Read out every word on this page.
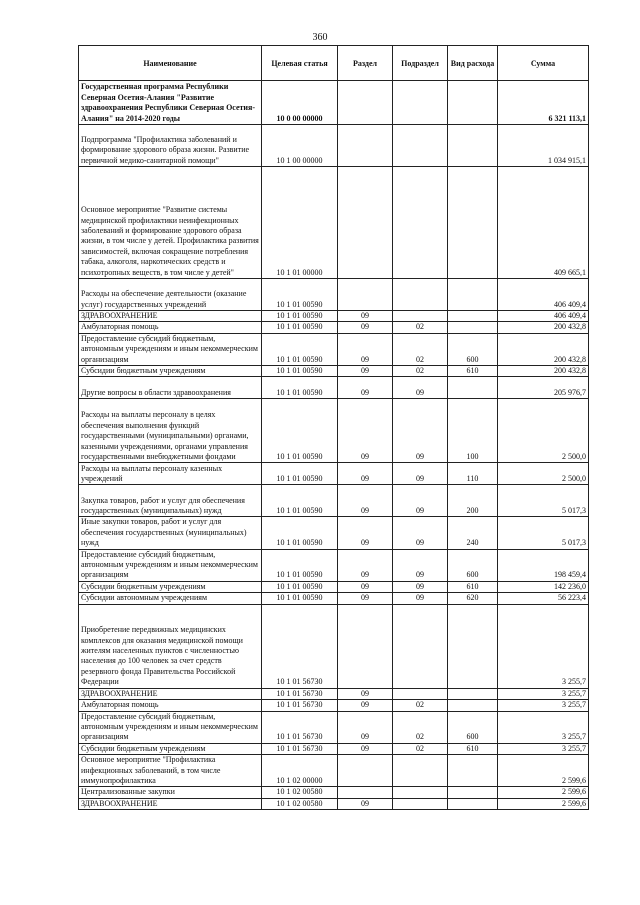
360
Наименование	Целевая статья	Раздел	Подраздел	Вид расхода	Сумма
Государственная программа Республики Северная Осетия-Алания "Развитие здравоохранения Республики Северная Осетия-Алания" на 2014-2020 годы	10 0 00 00000				6 321 113,1
Подпрограмма "Профилактика заболеваний и формирование здорового образа жизни. Развитие первичной медико-санитарной помощи"	10 1 00 00000				1 034 915,1
Основное мероприятие "Развитие системы медицинской профилактики неинфекционных заболеваний и формирование здорового образа жизни, в том числе у детей. Профилактика развития зависимостей, включая сокращение потребления табака, алкоголя, наркотических средств и психотропных веществ, в том числе у детей"	10 1 01 00000				409 665,1
Расходы на обеспечение деятельности (оказание услуг) государственных учреждений	10 1 01 00590				406 409,4
ЗДРАВООХРАНЕНИЕ	10 1 01 00590	09			406 409,4
Амбулаторная помощь	10 1 01 00590	09	02		200 432,8
Предоставление субсидий бюджетным, автономным учреждениям и иным некоммерческим организациям	10 1 01 00590	09	02	600	200 432,8
Субсидии бюджетным учреждениям	10 1 01 00590	09	02	610	200 432,8
Другие вопросы в области здравоохранения	10 1 01 00590	09	09		205 976,7
Расходы на выплаты персоналу в целях обеспечения выполнения функций государственными (муниципальными) органами, казенными учреждениями, органами управления государственными внебюджетными фондами	10 1 01 00590	09	09	100	2 500,0
Расходы на выплаты персоналу казенных учреждений	10 1 01 00590	09	09	110	2 500,0
Закупка товаров, работ и услуг для обеспечения государственных (муниципальных) нужд	10 1 01 00590	09	09	200	5 017,3
Иные закупки товаров, работ и услуг для обеспечения государственных (муниципальных) нужд	10 1 01 00590	09	09	240	5 017,3
Предоставление субсидий бюджетным, автономным учреждениям и иным некоммерческим организациям	10 1 01 00590	09	09	600	198 459,4
Субсидии бюджетным учреждениям	10 1 01 00590	09	09	610	142 236,0
Субсидии автономным учреждениям	10 1 01 00590	09	09	620	56 223,4
Приобретение передвижных медицинских комплексов для оказания медицинской помощи жителям населенных пунктов с численностью населения до 100 человек за счет средств резервного фонда Правительства Российской Федерации	10 1 01 56730				3 255,7
ЗДРАВООХРАНЕНИЕ	10 1 01 56730	09			3 255,7
Амбулаторная помощь	10 1 01 56730	09	02		3 255,7
Предоставление субсидий бюджетным, автономным учреждениям и иным некоммерческим организациям	10 1 01 56730	09	02	600	3 255,7
Субсидии бюджетным учреждениям	10 1 01 56730	09	02	610	3 255,7
Основное мероприятие "Профилактика инфекционных заболеваний, в том числе иммунопрофилактика	10 1 02 00000				2 599,6
Централизованные закупки	10 1 02 00580				2 599,6
ЗДРАВООХРАНЕНИЕ	10 1 02 00580	09			2 599,6
